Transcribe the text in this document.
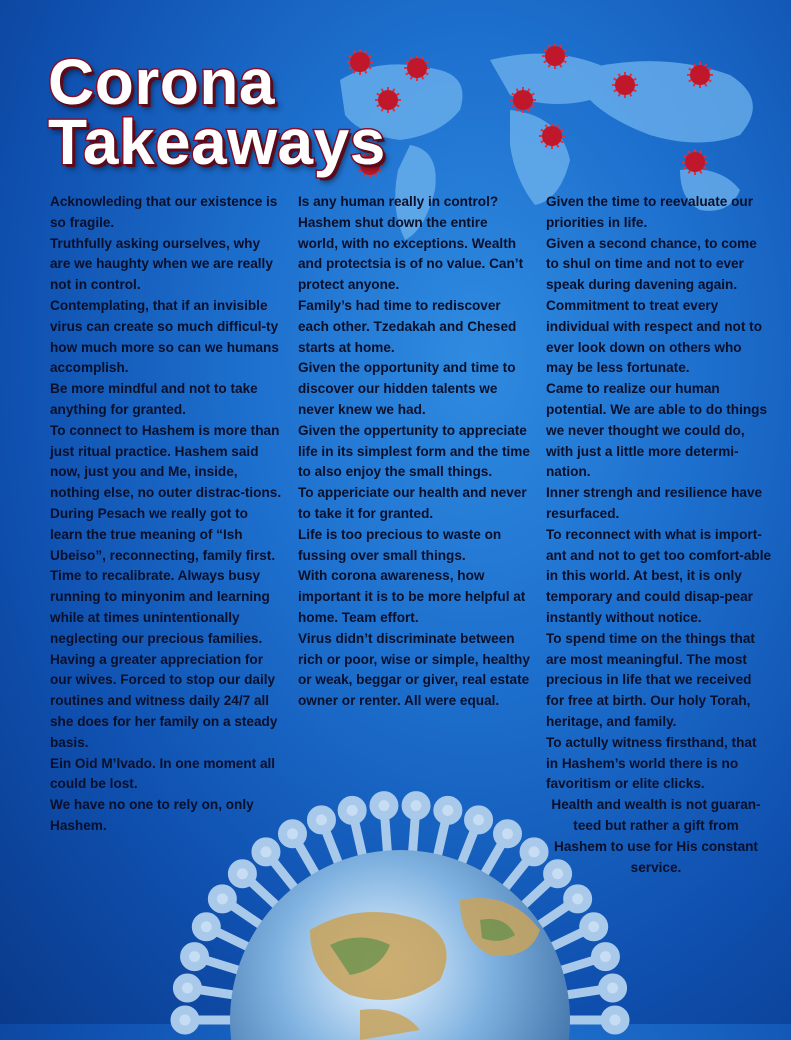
Corona
Takeaways

Acknowleding that our existence is so fragile.

Truthfully asking ourselves, why are we haughty when we are really not in control.

Contemplating, that if an invisible virus can create so much difficul-ty how much more so can we humans accomplish.

Be more mindful and not to take anything for granted.

To connect to Hashem is more than just ritual practice. Hashem said now, just you and Me, inside, nothing else, no outer distrac-tions.

During Pesach we really got to learn the true meaning of “Ish Ubeiso”, reconnecting, family first.

Time to recalibrate. Always busy running to minyonim and learning while at times unintentionally neglecting our precious families.

Having a greater appreciation for our wives. Forced to stop our daily routines and witness daily 24/7 all she does for her family on a steady basis.

Ein Oid M’lvado. In one moment all could be lost.

We have no one to rely on, only Hashem.

Is any human really in control? Hashem shut down the entire world, with no exceptions. Wealth and protectsia is of no value. Can’t protect anyone.

Family’s had time to rediscover each other. Tzedakah and Chesed starts at home.

Given the opportunity and time to discover our hidden talents we never knew we had.

Given the oppertunity to appreciate life in its simplest form and the time to also enjoy the small things.

To appericiate our health and never to take it for granted.

Life is too precious to waste on fussing over small things.

With corona awareness, how important it is to be more helpful at home. Team effort.

Virus didn’t discriminate between rich or poor, wise or simple, healthy or weak, beggar or giver, real estate owner or renter. All were equal.

Given the time to reevaluate our priorities in life.

Given a second chance, to come to shul on time and not to ever speak during davening again.

Commitment to treat every individual with respect and not to ever look down on others who may be less fortunate.

Came to realize our human potential. We are able to do things we never thought we could do, with just a little more determi-nation.

Inner strengh and resilience have resurfaced.

To reconnect with what is import-ant and not to get too comfort-able in this world. At best, it is only temporary and could disap-pear instantly without notice.

To spend time on the things that are most meaningful. The most precious in life that we received for free at birth. Our holy Torah, heritage, and family.

To actully witness firsthand, that in Hashem’s world there is no favoritism or elite clicks.

Health and wealth is not guaran-teed but rather a gift from Hashem to use for His constant service.
